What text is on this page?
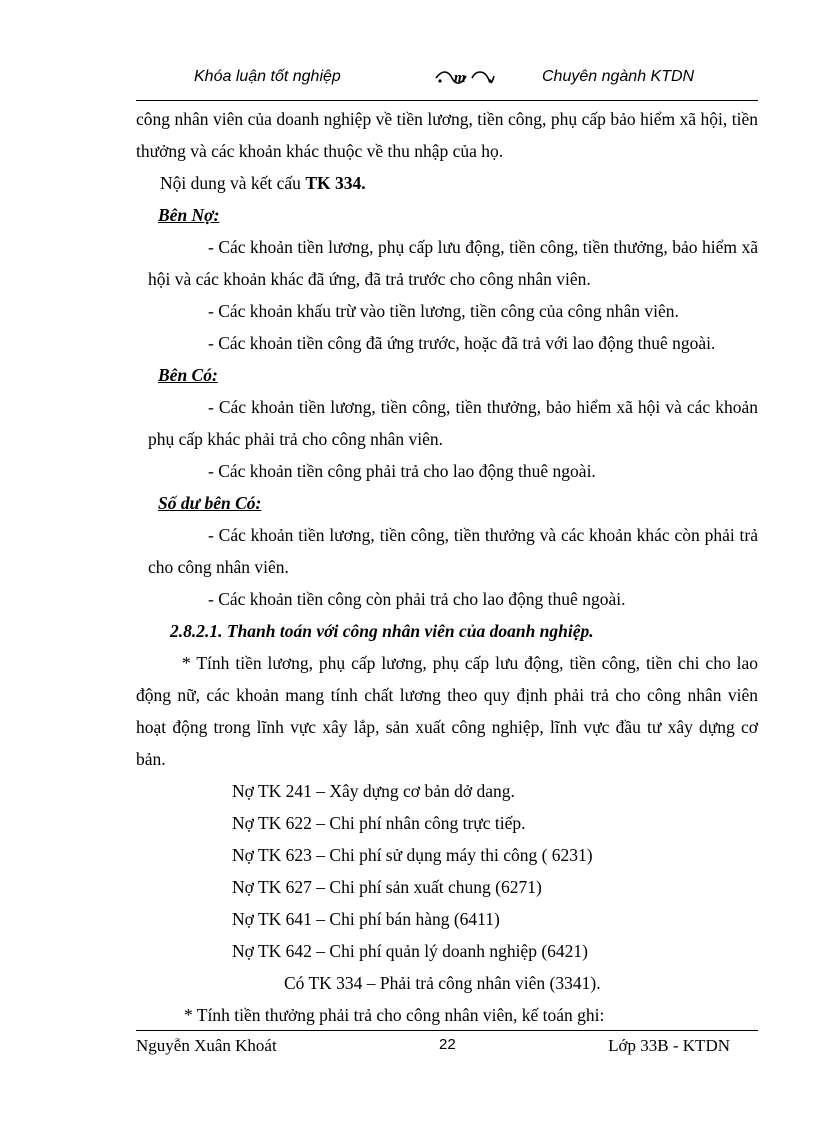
Khóa luận tốt nghiệp	m	Chuyên ngành KTDN

công nhân viên của doanh nghiệp về tiền lương, tiền công, phụ cấp bảo hiểm xã hội, tiền thưởng và các khoản khác thuộc về thu nhập của họ.

Nội dung và kết cấu TK 334.

Bên Nợ:

- Các khoản tiền lương, phụ cấp lưu động, tiền công, tiền thưởng, bảo hiểm xã hội và các khoản khác đã ứng, đã trả trước cho công nhân viên.

- Các khoản khấu trừ vào tiền lương, tiền công của công nhân viên.

- Các khoản tiền công đã ứng trước, hoặc đã trả với lao động thuê ngoài.

Bên Có:

- Các khoản tiền lương, tiền công, tiền thưởng, bảo hiểm xã hội và các khoản phụ cấp khác phải trả cho công nhân viên.

- Các khoản tiền công phải trả cho lao động thuê ngoài.

Số dư bên Có:

- Các khoản tiền lương, tiền công, tiền thưởng và các khoản khác còn phải trả cho công nhân viên.

- Các khoản tiền công còn phải trả cho lao động thuê ngoài.

2.8.2.1. Thanh toán với công nhân viên của doanh nghiệp.

* Tính tiền lương, phụ cấp lương, phụ cấp lưu động, tiền công, tiền chi cho lao động nữ, các khoản mang tính chất lương theo quy định phải trả cho công nhân viên hoạt động trong lĩnh vực xây lắp, sản xuất công nghiệp, lĩnh vực đầu tư xây dựng cơ bản.

Nợ TK 241 – Xây dựng cơ bản dở dang.

Nợ TK 622 – Chi phí nhân công trực tiếp.

Nợ TK 623 – Chi phí sử dụng máy thi công ( 6231)

Nợ TK 627 – Chi phí sản xuất chung (6271)

Nợ TK 641 – Chi phí bán hàng (6411)

Nợ TK 642 – Chi phí quản lý doanh nghiệp (6421)

Có TK 334 – Phải trả công nhân viên (3341).

* Tính tiền thưởng phải trả cho công nhân viên, kế toán ghi:

Nguyễn Xuân Khoát	22	Lớp 33B - KTDN
